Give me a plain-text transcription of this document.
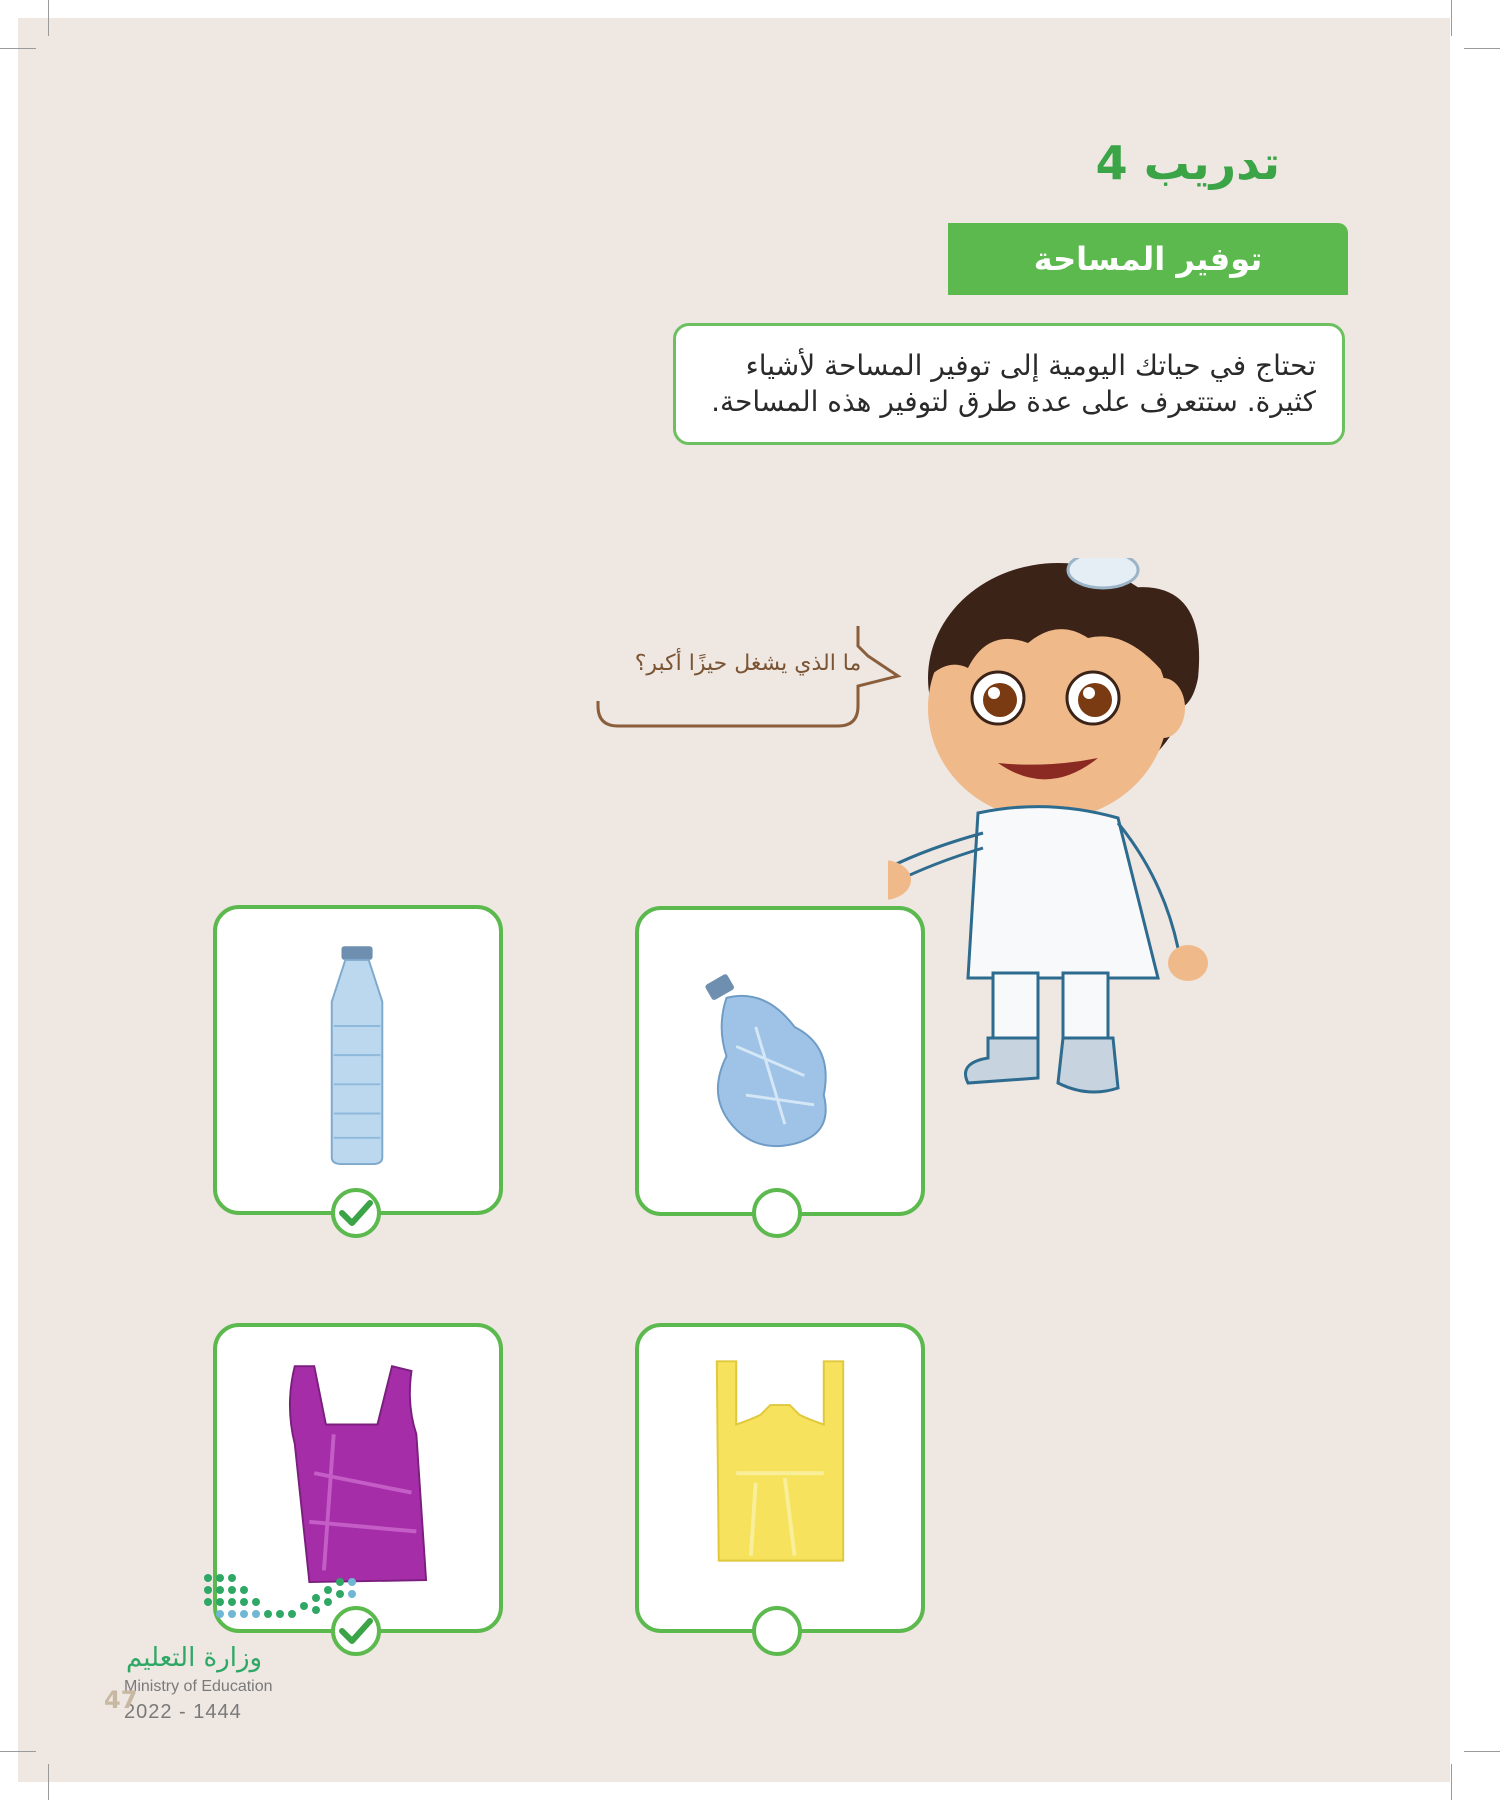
تدريب 4
توفير المساحة
تحتاج في حياتك اليومية إلى توفير المساحة لأشياء كثيرة. ستتعرف على عدة طرق لتوفير هذه المساحة.
ما الذي يشغل حيزًا أكبر؟
وزارة التعليم
Ministry of Education
2022 - 1444
47
